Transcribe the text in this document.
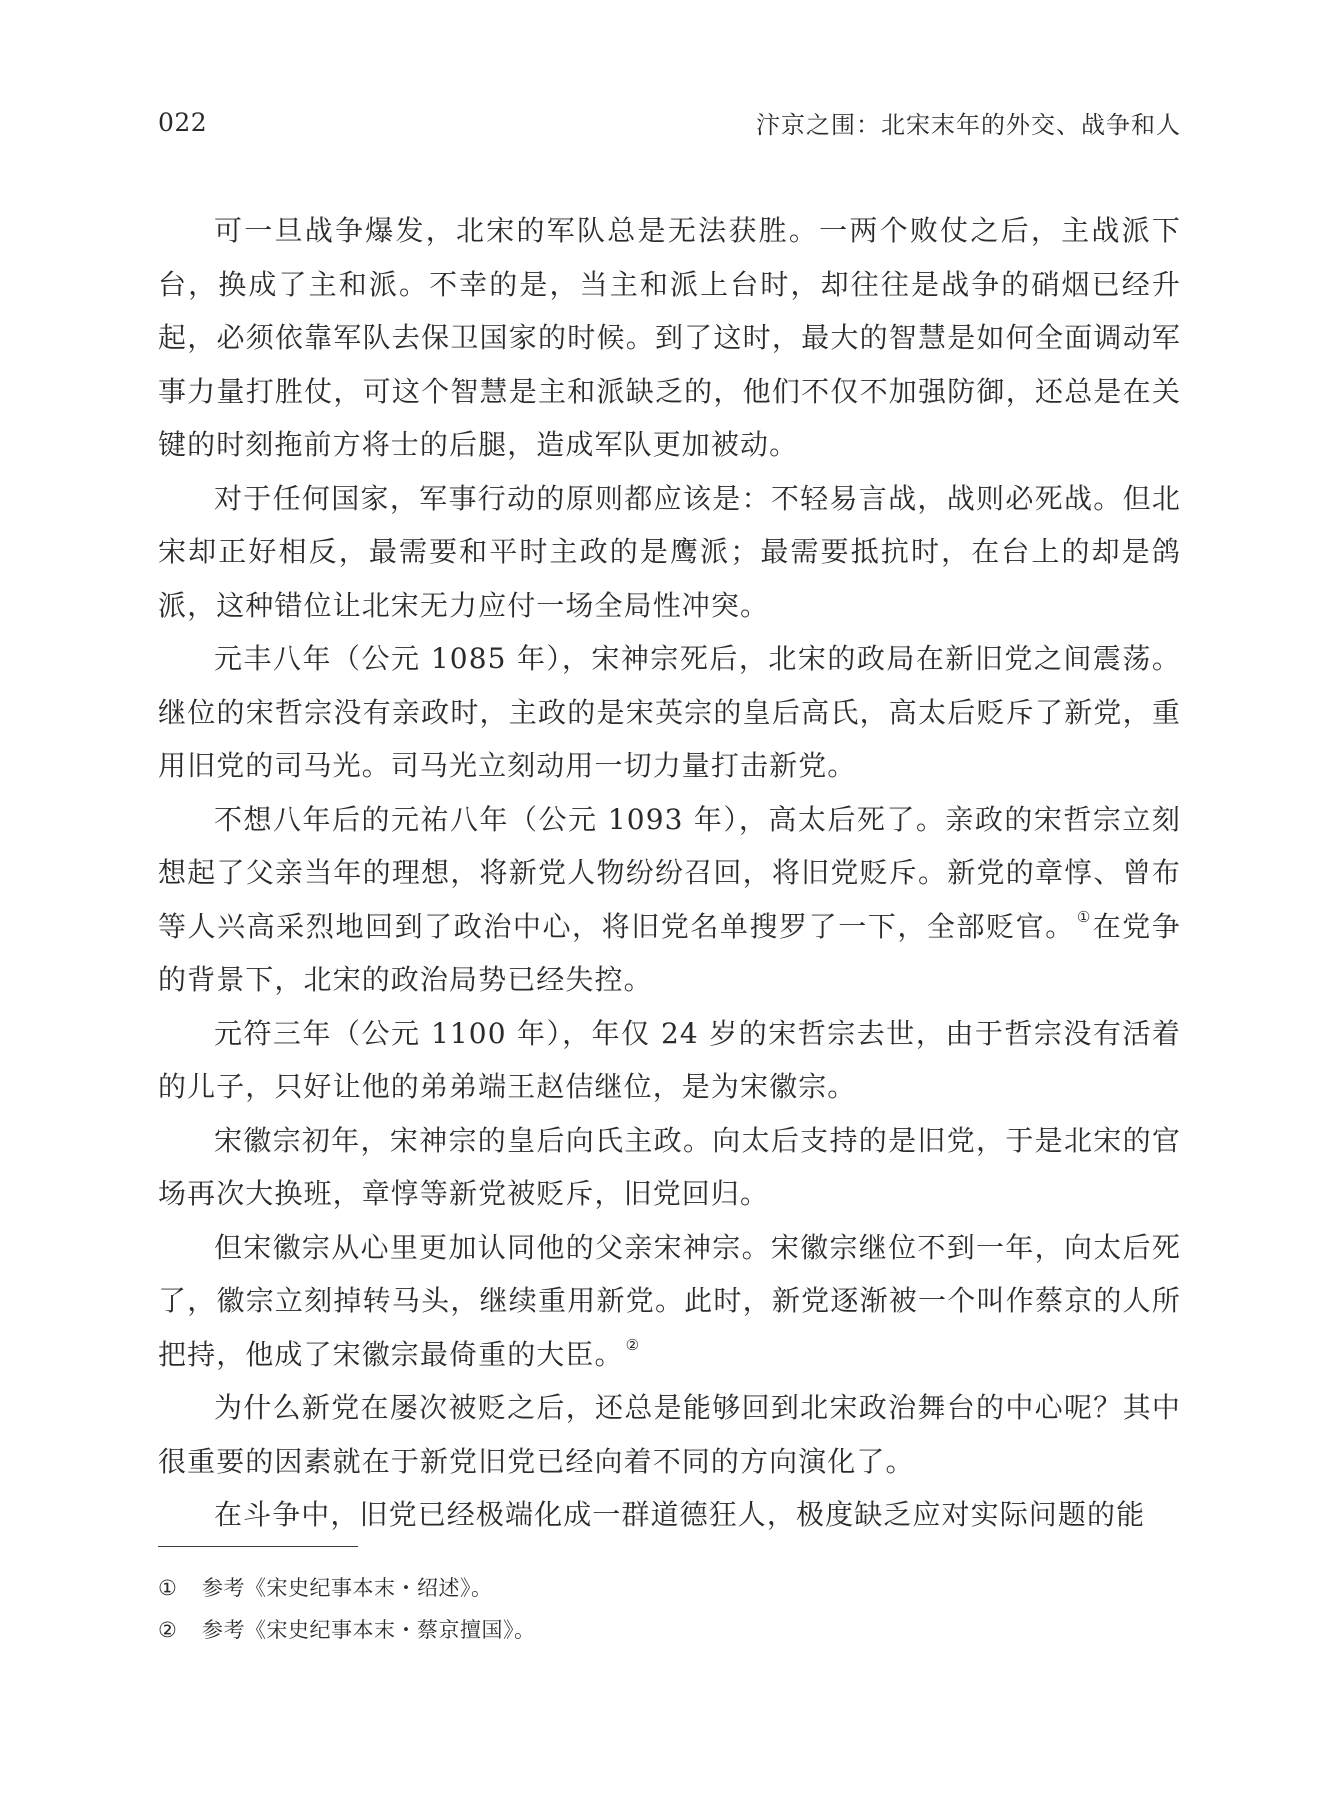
022	汴京之围：北宋末年的外交、战争和人

可一旦战争爆发，北宋的军队总是无法获胜。一两个败仗之后，主战派下台，换成了主和派。不幸的是，当主和派上台时，却往往是战争的硝烟已经升起，必须依靠军队去保卫国家的时候。到了这时，最大的智慧是如何全面调动军事力量打胜仗，可这个智慧是主和派缺乏的，他们不仅不加强防御，还总是在关键的时刻拖前方将士的后腿，造成军队更加被动。

对于任何国家，军事行动的原则都应该是：不轻易言战，战则必死战。但北宋却正好相反，最需要和平时主政的是鹰派；最需要抵抗时，在台上的却是鸽派，这种错位让北宋无力应付一场全局性冲突。

元丰八年（公元 1085 年），宋神宗死后，北宋的政局在新旧党之间震荡。继位的宋哲宗没有亲政时，主政的是宋英宗的皇后高氏，高太后贬斥了新党，重用旧党的司马光。司马光立刻动用一切力量打击新党。

不想八年后的元祐八年（公元 1093 年），高太后死了。亲政的宋哲宗立刻想起了父亲当年的理想，将新党人物纷纷召回，将旧党贬斥。新党的章惇、曾布等人兴高采烈地回到了政治中心，将旧党名单搜罗了一下，全部贬官。 ①在党争的背景下，北宋的政治局势已经失控。

元符三年（公元 1100 年），年仅 24 岁的宋哲宗去世，由于哲宗没有活着的儿子，只好让他的弟弟端王赵佶继位，是为宋徽宗。

宋徽宗初年，宋神宗的皇后向氏主政。向太后支持的是旧党，于是北宋的官场再次大换班，章惇等新党被贬斥，旧党回归。

但宋徽宗从心里更加认同他的父亲宋神宗。宋徽宗继位不到一年，向太后死了，徽宗立刻掉转马头，继续重用新党。此时，新党逐渐被一个叫作蔡京的人所把持，他成了宋徽宗最倚重的大臣。 ②

为什么新党在屡次被贬之后，还总是能够回到北宋政治舞台的中心呢？其中很重要的因素就在于新党旧党已经向着不同的方向演化了。

在斗争中，旧党已经极端化成一群道德狂人，极度缺乏应对实际问题的能

①	参考《宋史纪事本末・绍述》。
②	参考《宋史纪事本末・蔡京擅国》。
